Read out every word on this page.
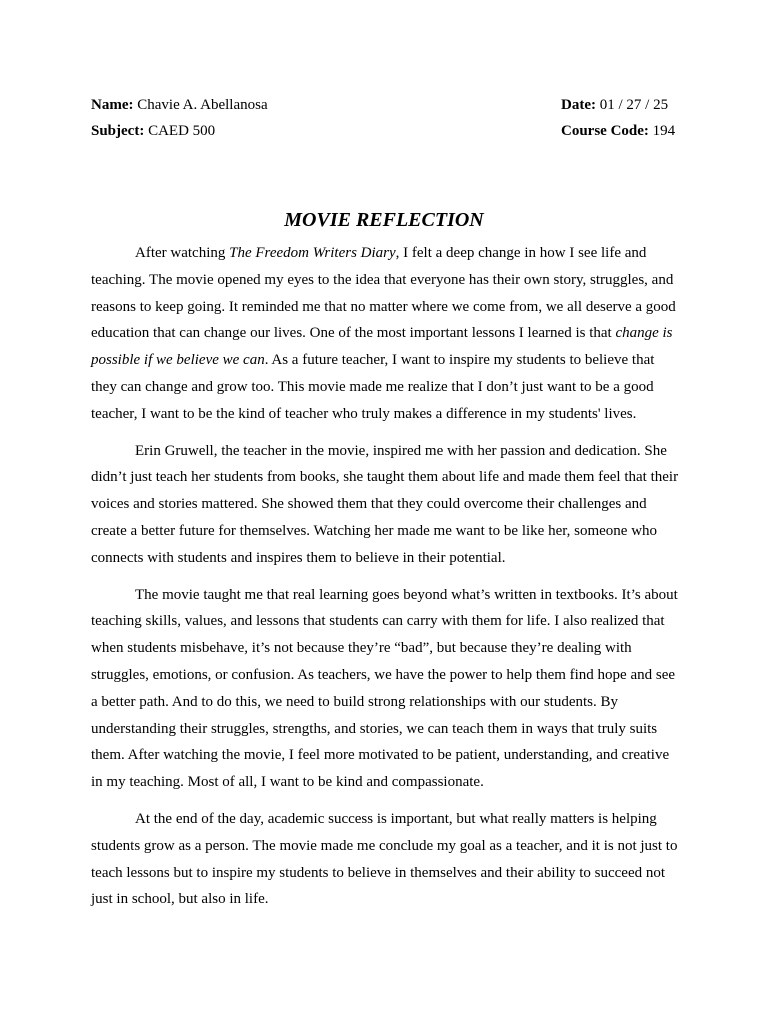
Name: Chavie A. Abellanosa	Date: 01 / 27 / 25
Subject: CAED 500	Course Code: 194
MOVIE REFLECTION

After watching The Freedom Writers Diary, I felt a deep change in how I see life and teaching. The movie opened my eyes to the idea that everyone has their own story, struggles, and reasons to keep going. It reminded me that no matter where we come from, we all deserve a good education that can change our lives. One of the most important lessons I learned is that change is possible if we believe we can. As a future teacher, I want to inspire my students to believe that they can change and grow too. This movie made me realize that I don’t just want to be a good teacher, I want to be the kind of teacher who truly makes a difference in my students' lives.

Erin Gruwell, the teacher in the movie, inspired me with her passion and dedication. She didn’t just teach her students from books, she taught them about life and made them feel that their voices and stories mattered. She showed them that they could overcome their challenges and create a better future for themselves. Watching her made me want to be like her, someone who connects with students and inspires them to believe in their potential.

The movie taught me that real learning goes beyond what’s written in textbooks. It’s about teaching skills, values, and lessons that students can carry with them for life. I also realized that when students misbehave, it’s not because they’re “bad”, but because they’re dealing with struggles, emotions, or confusion. As teachers, we have the power to help them find hope and see a better path. And to do this, we need to build strong relationships with our students. By understanding their struggles, strengths, and stories, we can teach them in ways that truly suits them. After watching the movie, I feel more motivated to be patient, understanding, and creative in my teaching. Most of all, I want to be kind and compassionate.

At the end of the day, academic success is important, but what really matters is helping students grow as a person. The movie made me conclude my goal as a teacher, and it is not just to teach lessons but to inspire my students to believe in themselves and their ability to succeed not just in school, but also in life.
